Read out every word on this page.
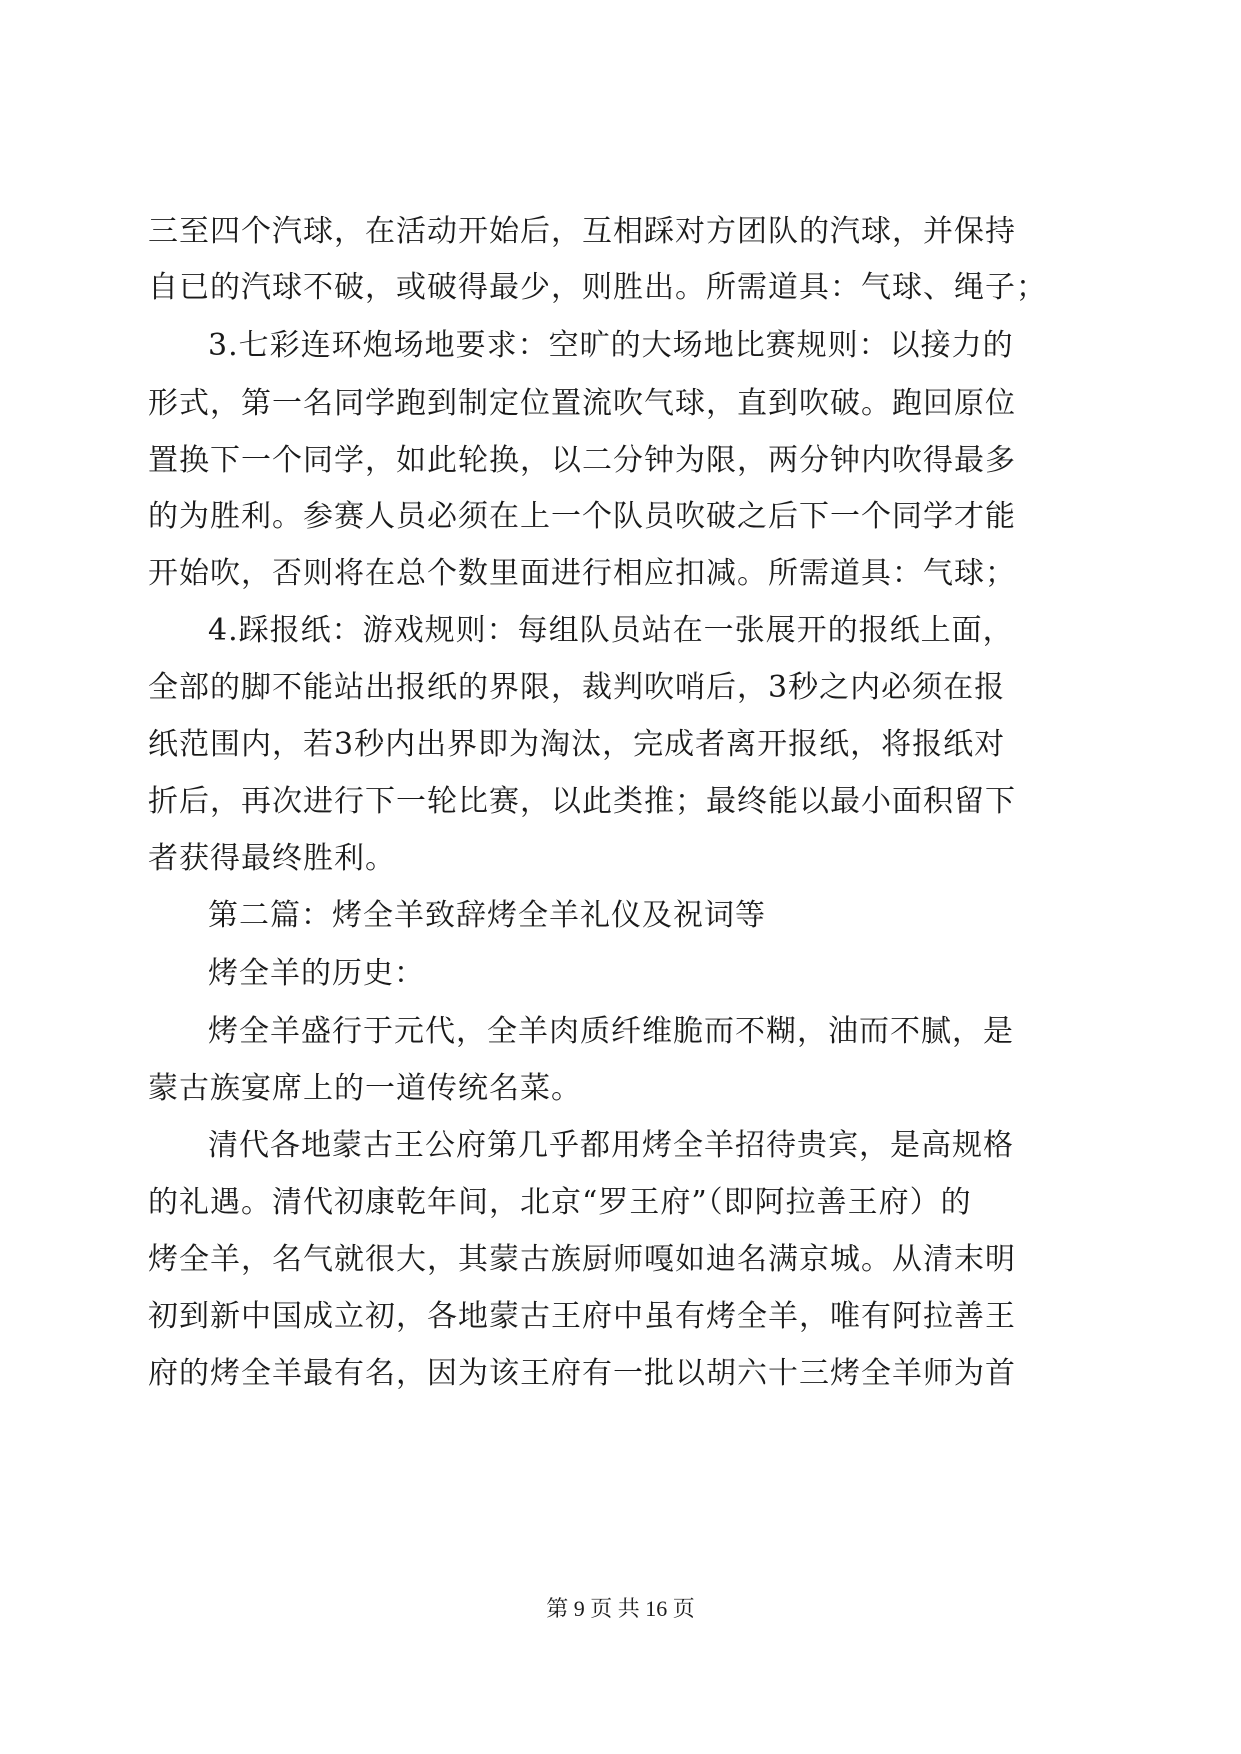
三至四个汽球，在活动开始后，互相踩对方团队的汽球，并保持
自已的汽球不破，或破得最少，则胜出。所需道具：气球、绳子；
3.七彩连环炮场地要求：空旷的大场地比赛规则：以接力的
形式，第一名同学跑到制定位置流吹气球，直到吹破。跑回原位
置换下一个同学，如此轮换，以二分钟为限，两分钟内吹得最多
的为胜利。参赛人员必须在上一个队员吹破之后下一个同学才能
开始吹，否则将在总个数里面进行相应扣减。所需道具：气球；
4.踩报纸：游戏规则：每组队员站在一张展开的报纸上面，
全部的脚不能站出报纸的界限，裁判吹哨后，3秒之内必须在报
纸范围内，若3秒内出界即为淘汰，完成者离开报纸，将报纸对
折后，再次进行下一轮比赛，以此类推；最终能以最小面积留下
者获得最终胜利。
第二篇：烤全羊致辞烤全羊礼仪及祝词等
烤全羊的历史：
烤全羊盛行于元代，全羊肉质纤维脆而不糊，油而不腻，是
蒙古族宴席上的一道传统名菜。
清代各地蒙古王公府第几乎都用烤全羊招待贵宾，是高规格
的礼遇。清代初康乾年间，北京“罗王府”（即阿拉善王府）的
烤全羊，名气就很大，其蒙古族厨师嘎如迪名满京城。从清末明
初到新中国成立初，各地蒙古王府中虽有烤全羊，唯有阿拉善王
府的烤全羊最有名，因为该王府有一批以胡六十三烤全羊师为首
第 9 页 共 16 页
